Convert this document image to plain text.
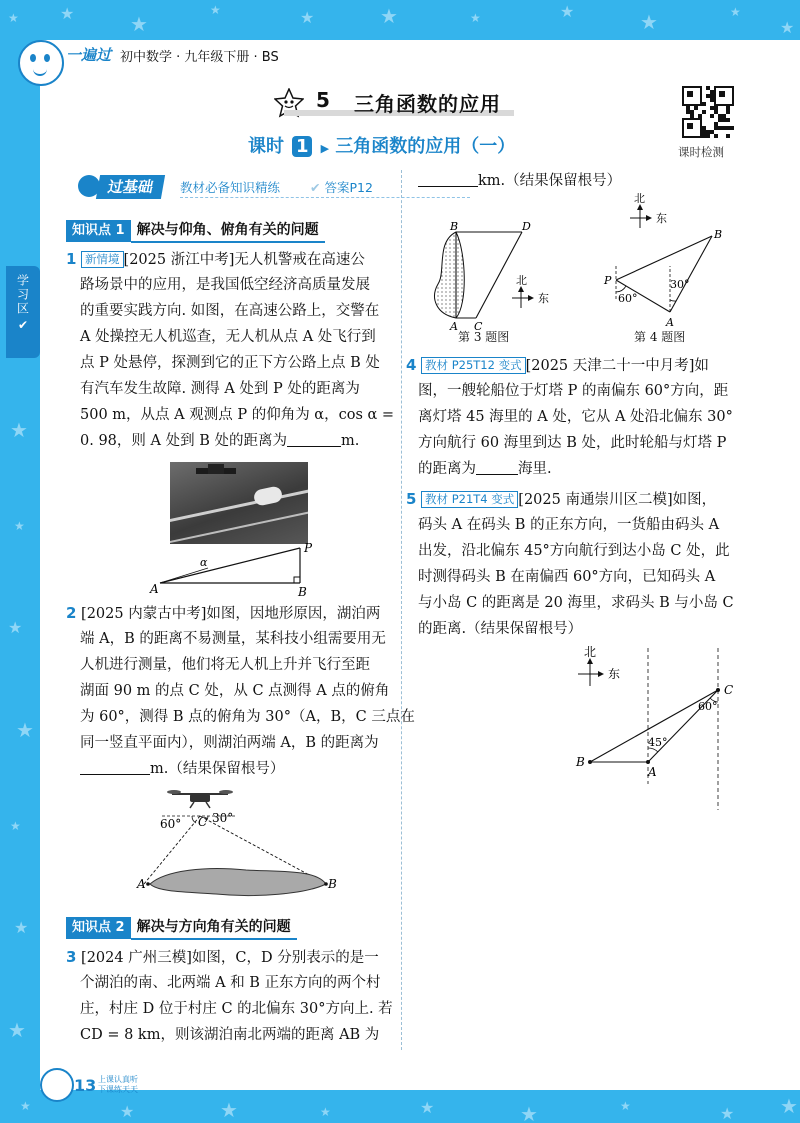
★	★	★
★	★	★	★	★	★	★
★
★
★
★
★
★
★
★
★	★	★	★	★	★	★	★ ★
一遍过 初中数学 · 九年级下册 · BS
5 三角函数的应用
课时 1 ▶ 三角函数的应用（一）	课时检测
学习区
✔
过基础	教材必备知识精练 ✔ 答案P12
知识点 1 解决与仰角、俯角有关的问题
1 新情境 [2025 浙江中考]无人机警戒在高速公
路场景中的应用，是我国低空经济高质量发展
的重要实践方向. 如图，在高速公路上，交警在
A 处操控无人机巡查，无人机从点 A 处飞行到
点 P 处悬停，探测到它的正下方公路上点 B 处
有汽车发生故障. 测得 A 处到 P 处的距离为
500 m，从点 A 观测点 P 的仰角为 α，cos α =
0. 98，则 A 处到 B 处的距离为	m.
A	B
P
α
2 [2025 内蒙古中考]如图，因地形原因，湖泊两
端 A，B 的距离不易测量，某科技小组需要用无
人机进行测量，他们将无人机上升并飞行至距
湖面 90 m 的点 C 处，从 C 点测得 A 点的俯角
为 60°，测得 B 点的俯角为 30°（A，B，C 三点在
同一竖直平面内），则湖泊两端 A，B 的距离为
m.（结果保留根号）
60° C 30°
A	B
知识点 2 解决与方向角有关的问题
3 [2024 广州三模]如图，C，D 分别表示的是一
个湖泊的南、北两端 A 和 B 正东方向的两个村
庄，村庄 D 位于村庄 C 的北偏东 30°方向上. 若
CD = 8 km，则该湖泊南北两端的距离 AB 为
km.（结果保留根号）
B	D
A C
北
东
第 3 题图
北
东
B
P
A
60°
30°
第 4 题图
4 教材 P25T12 变式 [2025 天津二十一中月考]如
图，一艘轮船位于灯塔 P 的南偏东 60°方向，距
离灯塔 45 海里的 A 处，它从 A 处沿北偏东 30°
方向航行 60 海里到达 B 处，此时轮船与灯塔 P
的距离为	海里.
5 教材 P21T4 变式 [2025 南通崇川区二模]如图，
码头 A 在码头 B 的正东方向，一货船由码头 A
出发，沿北偏东 45°方向航行到达小岛 C 处，此
时测得码头 B 在南偏西 60°方向，已知码头 A
与小岛 C 的距离是 20 海里，求码头 B 与小岛 C
的距离.（结果保留根号）
北
东
45°
60°
B
A
C
13 上课认真听
下课练天天
